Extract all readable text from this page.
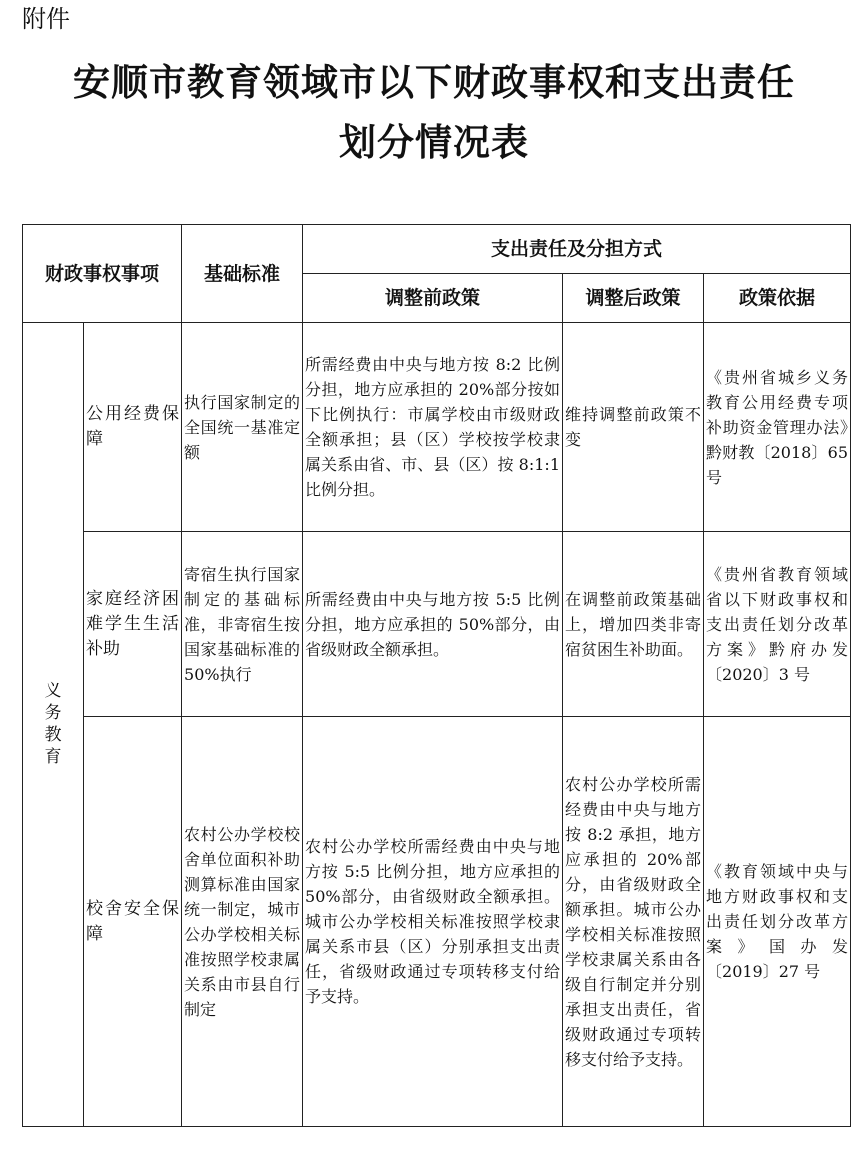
附件
安顺市教育领域市以下财政事权和支出责任
划分情况表
财政事权事项		基础标准	支出责任及分担方式		
			调整前政策	调整后政策	政策依据
义务教育	公用经费保障	执行国家制定的全国统一基准定额	所需经费由中央与地方按 8:2 比例分担，地方应承担的 20%部分按如下比例执行：市属学校由市级财政全额承担；县（区）学校按学校隶属关系由省、市、县（区）按 8:1:1 比例分担。	维持调整前政策不变	《贵州省城乡义务教育公用经费专项补助资金管理办法》黔财教〔2018〕65 号
	家庭经济困难学生生活补助	寄宿生执行国家制定的基础标准，非寄宿生按国家基础标准的 50%执行	所需经费由中央与地方按 5:5 比例分担，地方应承担的 50%部分，由省级财政全额承担。	在调整前政策基础上，增加四类非寄宿贫困生补助面。	《贵州省教育领域省以下财政事权和支出责任划分改革方案》黔府办发〔2020〕3 号
	校舍安全保障	农村公办学校校舍单位面积补助测算标准由国家统一制定，城市公办学校相关标准按照学校隶属关系由市县自行制定	农村公办学校所需经费由中央与地方按 5:5 比例分担，地方应承担的 50%部分，由省级财政全额承担。城市公办学校相关标准按照学校隶属关系市县（区）分别承担支出责任，省级财政通过专项转移支付给予支持。	农村公办学校所需经费由中央与地方按 8:2 承担，地方应承担的 20%部分，由省级财政全额承担。城市公办学校相关标准按照学校隶属关系由各级自行制定并分别承担支出责任，省级财政通过专项转移支付给予支持。	《教育领域中央与地方财政事权和支出责任划分改革方案》国办发〔2019〕27 号
